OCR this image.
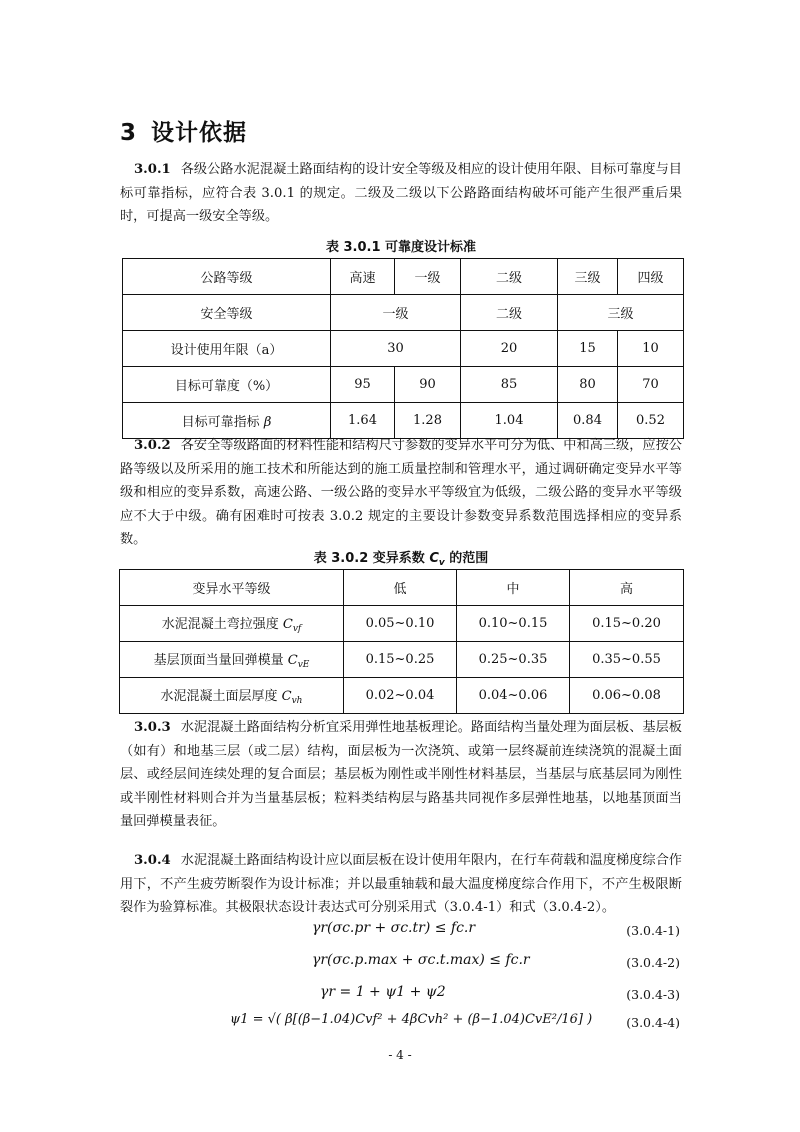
3 设计依据
3.0.1 各级公路水泥混凝土路面结构的设计安全等级及相应的设计使用年限、目标可靠度与目标可靠指标，应符合表 3.0.1 的规定。二级及二级以下公路路面结构破坏可能产生很严重后果时，可提高一级安全等级。
表 3.0.1 可靠度设计标准
公路等级	高速	一级	二级	三级	四级
安全等级	一级		二级	三级	
设计使用年限（a）	30		20	15	10
目标可靠度（%）	95	90	85	80	70
目标可靠指标 β	1.64	1.28	1.04	0.84	0.52
3.0.2 各安全等级路面的材料性能和结构尺寸参数的变异水平可分为低、中和高三级，应按公路等级以及所采用的施工技术和所能达到的施工质量控制和管理水平，通过调研确定变异水平等级和相应的变异系数，高速公路、一级公路的变异水平等级宜为低级，二级公路的变异水平等级应不大于中级。确有困难时可按表 3.0.2 规定的主要设计参数变异系数范围选择相应的变异系数。
表 3.0.2 变异系数 $C_v$ 的范围
变异水平等级	低	中	高
水泥混凝土弯拉强度 $C_{vf}$	0.05~0.10	0.10~0.15	0.15~0.20
基层顶面当量回弹模量 $C_{vE}$	0.15~0.25	0.25~0.35	0.35~0.55
水泥混凝土面层厚度 $C_{vh}$	0.02~0.04	0.04~0.06	0.06~0.08
3.0.3 水泥混凝土路面结构分析宜采用弹性地基板理论。路面结构当量处理为面层板、基层板（如有）和地基三层（或二层）结构，面层板为一次浇筑、或第一层终凝前连续浇筑的混凝土面层、或经层间连续处理的复合面层；基层板为刚性或半刚性材料基层，当基层与底基层同为刚性或半刚性材料则合并为当量基层板；粒料类结构层与路基共同视作多层弹性地基，以地基顶面当量回弹模量表征。
3.0.4 水泥混凝土路面结构设计应以面层板在设计使用年限内，在行车荷载和温度梯度综合作用下，不产生疲劳断裂作为设计标准；并以最重轴载和最大温度梯度综合作用下，不产生极限断裂作为验算标准。其极限状态设计表达式可分别采用式（3.0.4-1）和式（3.0.4-2）。
γr(σc.pr + σc.tr) ≤ fc.r	(3.0.4-1)
γr(σc.p.max + σc.t.max) ≤ fc.r	(3.0.4-2)
γr = 1 + ψ1 + ψ2	(3.0.4-3)
ψ1 = √( β[(β−1.04)Cvf² + 4βCvh² + (β−1.04)CvE²/16] )	(3.0.4-4)
- 4 -
